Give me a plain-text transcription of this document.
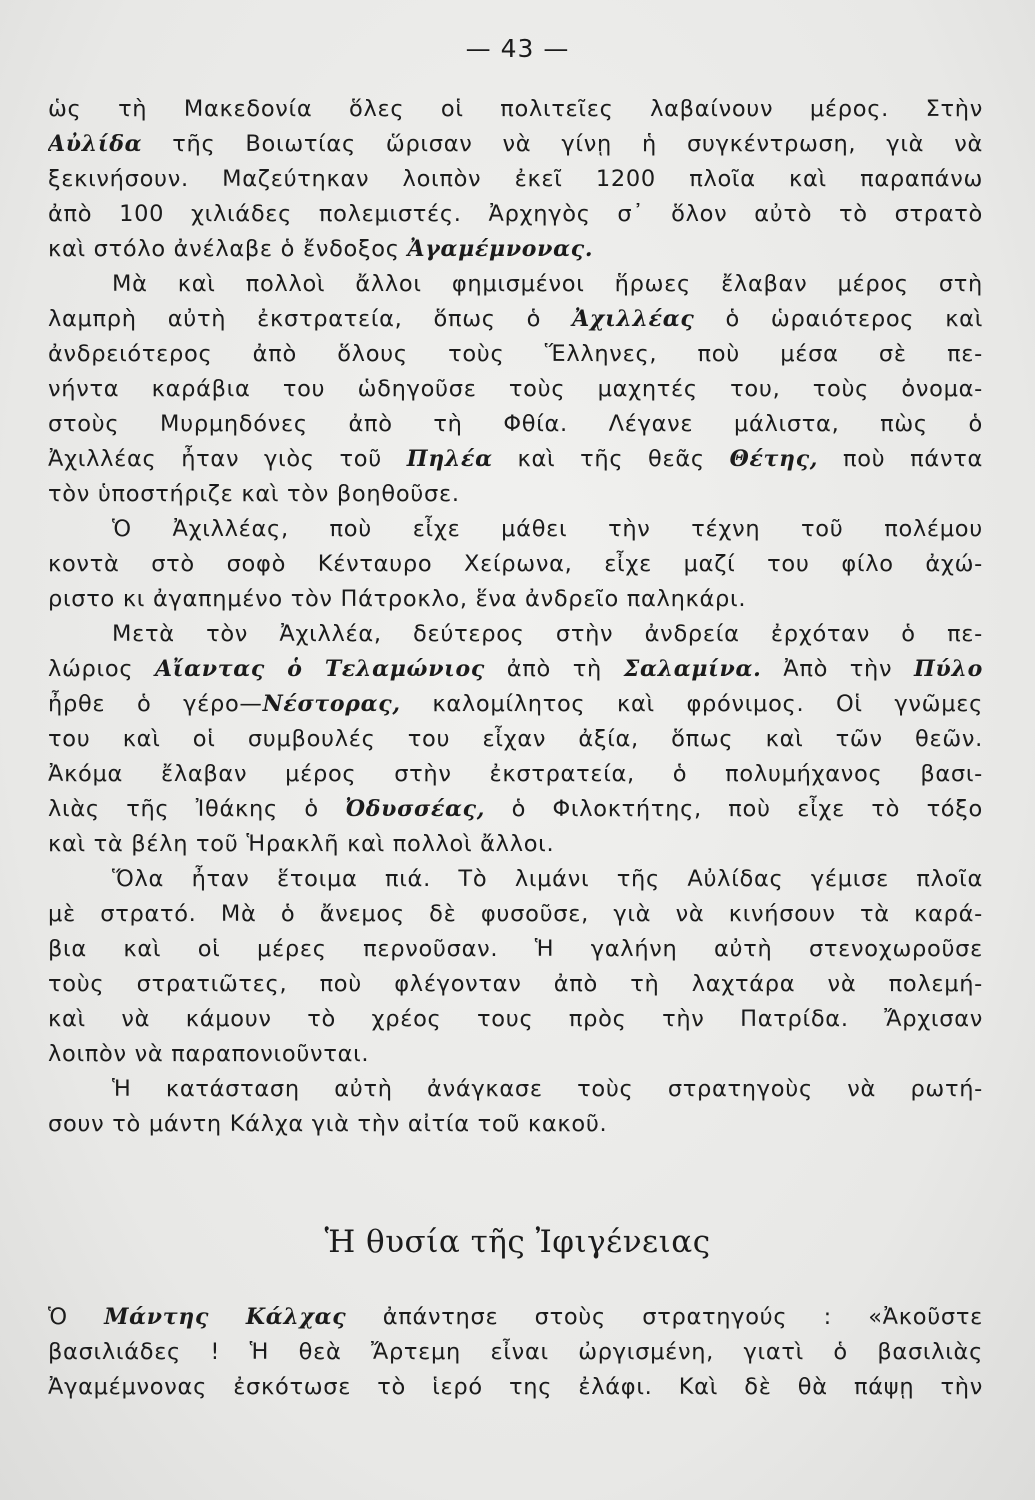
— 43 —
ὡς τὴ Μακεδονία ὅλες οἱ πολιτεῖες λαβαίνουν μέρος. Στὴν
Αὐλίδα τῆς Βοιωτίας ὥρισαν νὰ γίνῃ ἡ συγκέντρωση, γιὰ νὰ
ξεκινήσουν. Μαζεύτηκαν λοιπὸν ἐκεῖ 1200 πλοῖα καὶ παραπάνω
ἀπὸ 100 χιλιάδες πολεμιστές. Ἀρχηγὸς σ᾽ ὅλον αὐτὸ τὸ στρατὸ
καὶ στόλο ἀνέλαβε ὁ ἔνδοξος Ἀγαμέμνονας.
Μὰ καὶ πολλοὶ ἄλλοι φημισμένοι ἥρωες ἔλαβαν μέρος στὴ
λαμπρὴ αὐτὴ ἐκστρατεία, ὅπως ὁ Ἀχιλλέας ὁ ὡραιότερος καὶ
ἀνδρειότερος ἀπὸ ὅλους τοὺς Ἕλληνες, ποὺ μέσα σὲ πε-
νήντα καράβια του ὡδηγοῦσε τοὺς μαχητές του, τοὺς ὀνομα-
στοὺς Μυρμηδόνες ἀπὸ τὴ Φθία. Λέγανε μάλιστα, πὼς ὁ
Ἀχιλλέας ἦταν γιὸς τοῦ Πηλέα καὶ τῆς θεᾶς Θέτης, ποὺ πάντα
τὸν ὑποστήριζε καὶ τὸν βοηθοῦσε.
Ὁ Ἀχιλλέας, ποὺ εἶχε μάθει τὴν τέχνη τοῦ πολέμου
κοντὰ στὸ σοφὸ Κένταυρο Χείρωνα, εἶχε μαζί του φίλο ἀχώ-
ριστο κι ἀγαπημένο τὸν Πάτροκλο, ἕνα ἀνδρεῖο παληκάρι.
Μετὰ τὸν Ἀχιλλέα, δεύτερος στὴν ἀνδρεία ἐρχόταν ὁ πε-
λώριος Αἴαντας ὁ Τελαμώνιος ἀπὸ τὴ Σαλαμίνα. Ἀπὸ τὴν Πύλο
ἦρθε ὁ γέρο—Νέστορας, καλομίλητος καὶ φρόνιμος. Οἱ γνῶμες
του καὶ οἱ συμβουλές του εἶχαν ἀξία, ὅπως καὶ τῶν θεῶν.
Ἀκόμα ἔλαβαν μέρος στὴν ἐκστρατεία, ὁ πολυμήχανος βασι-
λιὰς τῆς Ἰθάκης ὁ Ὀδυσσέας, ὁ Φιλοκτήτης, ποὺ εἶχε τὸ τόξο
καὶ τὰ βέλη τοῦ Ἡρακλῆ καὶ πολλοὶ ἄλλοι.
Ὅλα ἦταν ἕτοιμα πιά. Τὸ λιμάνι τῆς Αὐλίδας γέμισε πλοῖα
μὲ στρατό. Μὰ ὁ ἄνεμος δὲ φυσοῦσε, γιὰ νὰ κινήσουν τὰ καρά-
βια καὶ οἱ μέρες περνοῦσαν. Ἡ γαλήνη αὐτὴ στενοχωροῦσε
τοὺς στρατιῶτες, ποὺ φλέγονταν ἀπὸ τὴ λαχτάρα νὰ πολεμή-
καὶ νὰ κάμουν τὸ χρέος τους πρὸς τὴν Πατρίδα. Ἄρχισαν
λοιπὸν νὰ παραπονιοῦνται.
Ἡ κατάσταση αὐτὴ ἀνάγκασε τοὺς στρατηγοὺς νὰ ρωτή-
σουν τὸ μάντη Κάλχα γιὰ τὴν αἰτία τοῦ κακοῦ.
Ἡ θυσία τῆς Ἰφιγένειας
Ὁ Μάντης Κάλχας ἀπάντησε στοὺς στρατηγούς : «Ἀκοῦστε
βασιλιάδες ! Ἡ θεὰ Ἄρτεμη εἶναι ὠργισμένη, γιατὶ ὁ βασιλιὰς
Ἀγαμέμνονας ἐσκότωσε τὸ ἱερό της ἐλάφι. Καὶ δὲ θὰ πάψῃ τὴν
